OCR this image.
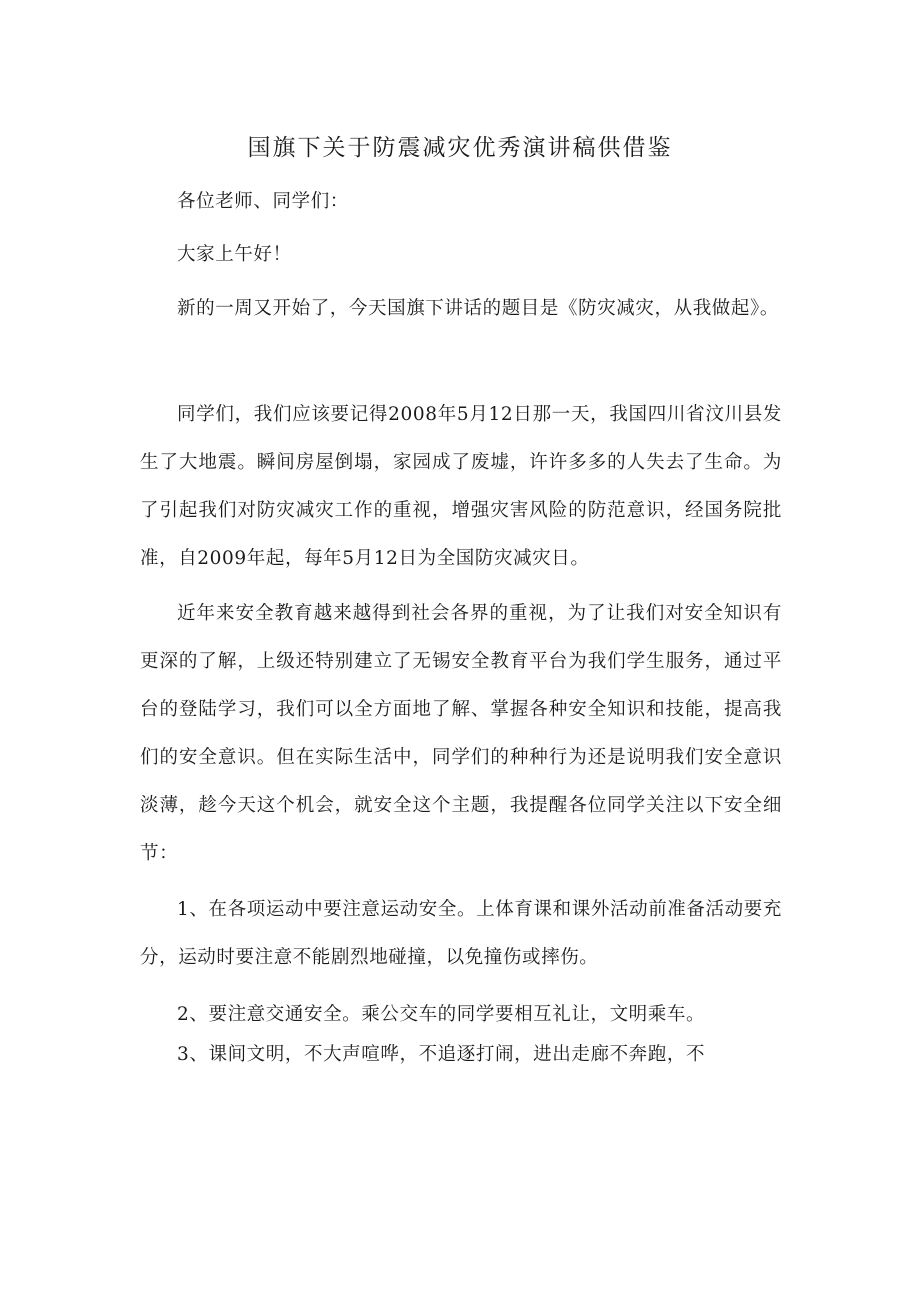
国旗下关于防震减灾优秀演讲稿供借鉴

各位老师、同学们：

大家上午好！

新的一周又开始了，今天国旗下讲话的题目是《防灾减灾，从我做起》。

同学们，我们应该要记得2008年5月12日那一天，我国四川省汶川县发生了大地震。瞬间房屋倒塌，家园成了废墟，许许多多的人失去了生命。为了引起我们对防灾减灾工作的重视，增强灾害风险的防范意识，经国务院批准，自2009年起，每年5月12日为全国防灾减灾日。

近年来安全教育越来越得到社会各界的重视，为了让我们对安全知识有更深的了解，上级还特别建立了无锡安全教育平台为我们学生服务，通过平台的登陆学习，我们可以全方面地了解、掌握各种安全知识和技能，提高我们的安全意识。但在实际生活中，同学们的种种行为还是说明我们安全意识淡薄，趁今天这个机会，就安全这个主题，我提醒各位同学关注以下安全细节：

1、在各项运动中要注意运动安全。上体育课和课外活动前准备活动要充分，运动时要注意不能剧烈地碰撞，以免撞伤或摔伤。

2、要注意交通安全。乘公交车的同学要相互礼让，文明乘车。

3、课间文明，不大声喧哗，不追逐打闹，进出走廊不奔跑，不
